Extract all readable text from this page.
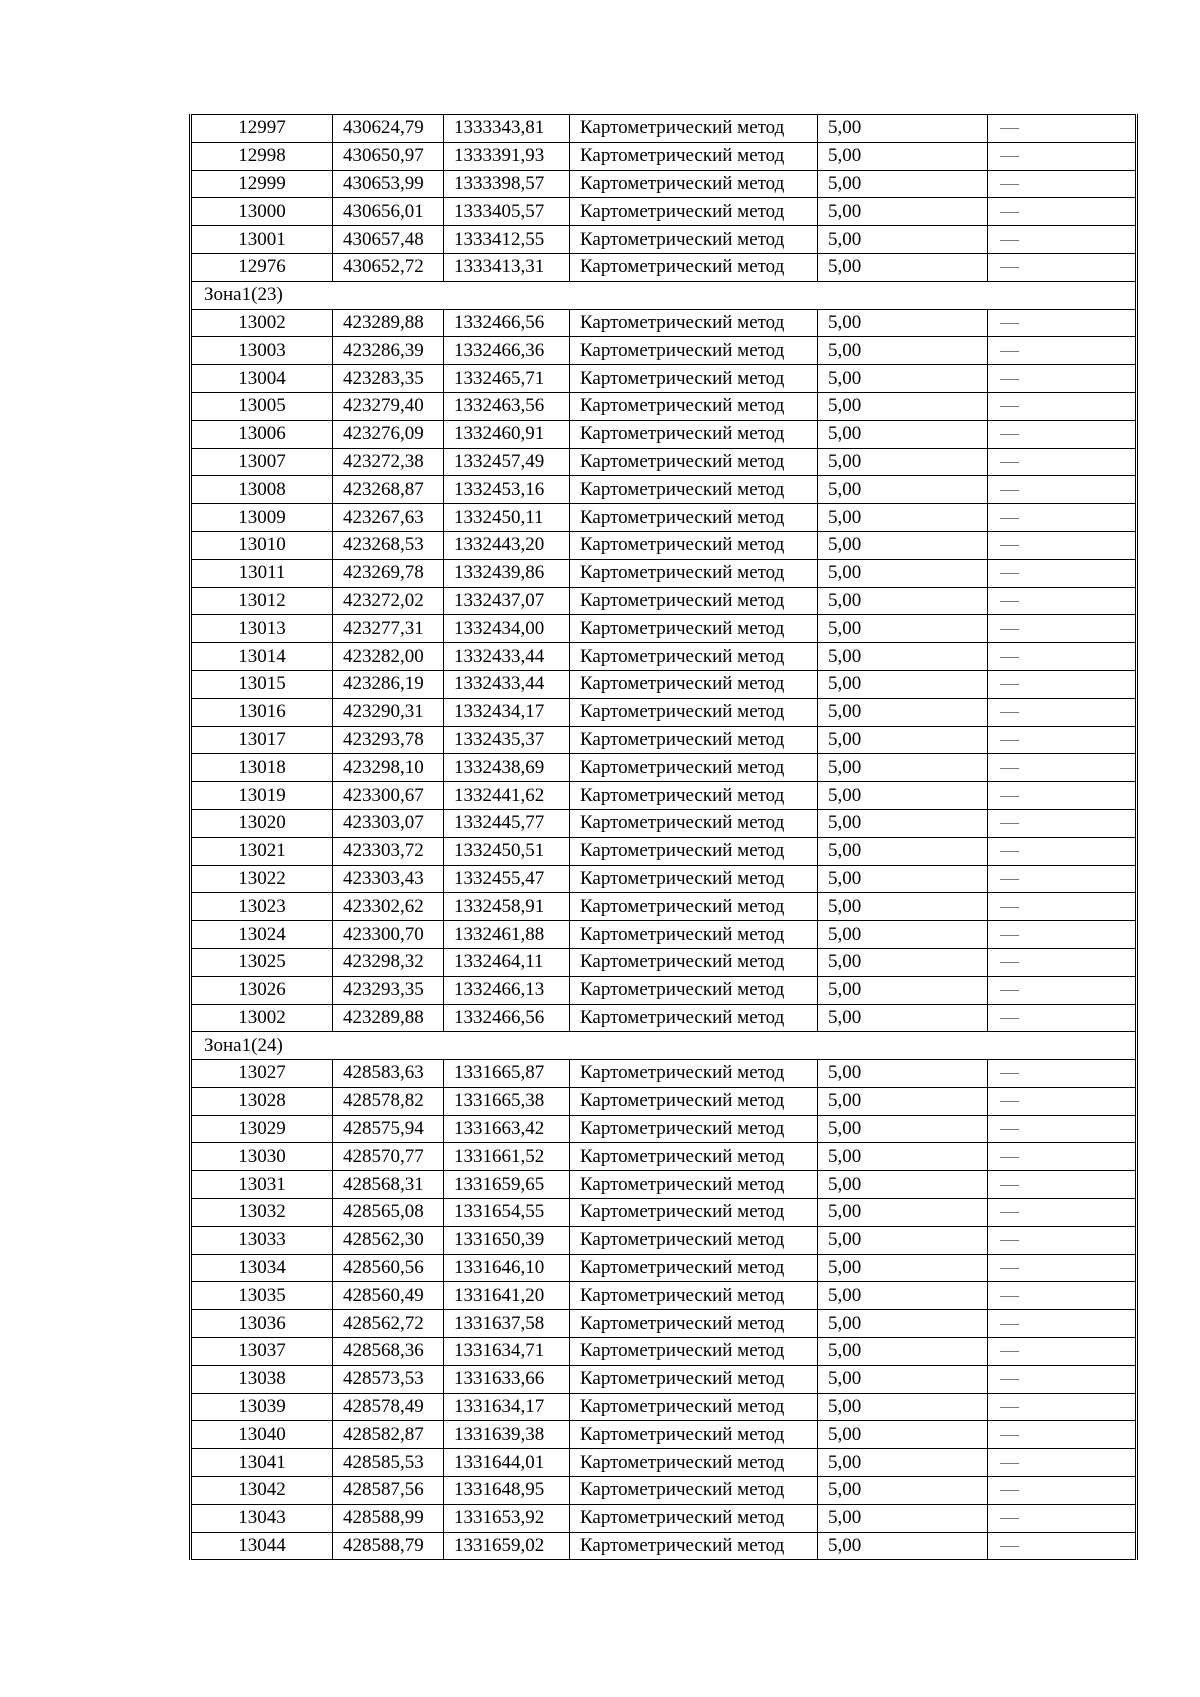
12997	430624,79	1333343,81	Картометрический метод	5,00	—
12998	430650,97	1333391,93	Картометрический метод	5,00	—
12999	430653,99	1333398,57	Картометрический метод	5,00	—
13000	430656,01	1333405,57	Картометрический метод	5,00	—
13001	430657,48	1333412,55	Картометрический метод	5,00	—
12976	430652,72	1333413,31	Картометрический метод	5,00	—
Зона1(23)					
13002	423289,88	1332466,56	Картометрический метод	5,00	—
13003	423286,39	1332466,36	Картометрический метод	5,00	—
13004	423283,35	1332465,71	Картометрический метод	5,00	—
13005	423279,40	1332463,56	Картометрический метод	5,00	—
13006	423276,09	1332460,91	Картометрический метод	5,00	—
13007	423272,38	1332457,49	Картометрический метод	5,00	—
13008	423268,87	1332453,16	Картометрический метод	5,00	—
13009	423267,63	1332450,11	Картометрический метод	5,00	—
13010	423268,53	1332443,20	Картометрический метод	5,00	—
13011	423269,78	1332439,86	Картометрический метод	5,00	—
13012	423272,02	1332437,07	Картометрический метод	5,00	—
13013	423277,31	1332434,00	Картометрический метод	5,00	—
13014	423282,00	1332433,44	Картометрический метод	5,00	—
13015	423286,19	1332433,44	Картометрический метод	5,00	—
13016	423290,31	1332434,17	Картометрический метод	5,00	—
13017	423293,78	1332435,37	Картометрический метод	5,00	—
13018	423298,10	1332438,69	Картометрический метод	5,00	—
13019	423300,67	1332441,62	Картометрический метод	5,00	—
13020	423303,07	1332445,77	Картометрический метод	5,00	—
13021	423303,72	1332450,51	Картометрический метод	5,00	—
13022	423303,43	1332455,47	Картометрический метод	5,00	—
13023	423302,62	1332458,91	Картометрический метод	5,00	—
13024	423300,70	1332461,88	Картометрический метод	5,00	—
13025	423298,32	1332464,11	Картометрический метод	5,00	—
13026	423293,35	1332466,13	Картометрический метод	5,00	—
13002	423289,88	1332466,56	Картометрический метод	5,00	—
Зона1(24)					
13027	428583,63	1331665,87	Картометрический метод	5,00	—
13028	428578,82	1331665,38	Картометрический метод	5,00	—
13029	428575,94	1331663,42	Картометрический метод	5,00	—
13030	428570,77	1331661,52	Картометрический метод	5,00	—
13031	428568,31	1331659,65	Картометрический метод	5,00	—
13032	428565,08	1331654,55	Картометрический метод	5,00	—
13033	428562,30	1331650,39	Картометрический метод	5,00	—
13034	428560,56	1331646,10	Картометрический метод	5,00	—
13035	428560,49	1331641,20	Картометрический метод	5,00	—
13036	428562,72	1331637,58	Картометрический метод	5,00	—
13037	428568,36	1331634,71	Картометрический метод	5,00	—
13038	428573,53	1331633,66	Картометрический метод	5,00	—
13039	428578,49	1331634,17	Картометрический метод	5,00	—
13040	428582,87	1331639,38	Картометрический метод	5,00	—
13041	428585,53	1331644,01	Картометрический метод	5,00	—
13042	428587,56	1331648,95	Картометрический метод	5,00	—
13043	428588,99	1331653,92	Картометрический метод	5,00	—
13044	428588,79	1331659,02	Картометрический метод	5,00	—
